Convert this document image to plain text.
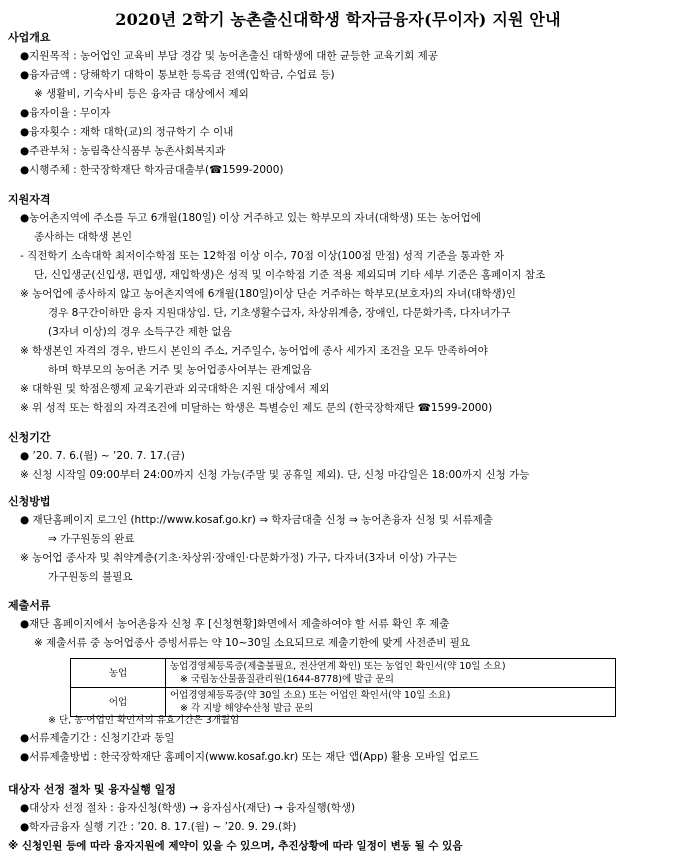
2020년 2학기 농촌출신대학생 학자금융자(무이자) 지원 안내
사업개요
●지원목적 : 농어업인 교육비 부담 경감 및 농어촌출신 대학생에 대한 균등한 교육기회 제공
●융자금액 : 당해학기 대학이 통보한 등록금 전액(입학금, 수업료 등)
※ 생활비, 기숙사비 등은 융자금 대상에서 제외
●융자이율 : 무이자
●융자횟수 : 재학 대학(교)의 정규학기 수 이내
●주관부처 : 농림축산식품부 농촌사회복지과
●시행주체 : 한국장학재단 학자금대출부(☎1599-2000)
지원자격
●농어촌지역에 주소를 두고 6개월(180일) 이상 거주하고 있는 학부모의 자녀(대학생) 또는 농어업에
종사하는 대학생 본인
- 직전학기 소속대학 최저이수학점 또는 12학점 이상 이수, 70점 이상(100점 만점) 성적 기준을 통과한 자
단, 신입생군(신입생, 편입생, 재입학생)은 성적 및 이수학점 기준 적용 제외되며 기타 세부 기준은 홈페이지 참조
※ 농어업에 종사하지 않고 농어촌지역에 6개월(180일)이상 단순 거주하는 학부모(보호자)의 자녀(대학생)인
경우 8구간이하만 융자 지원대상임. 단, 기초생활수급자, 차상위계층, 장애인, 다문화가족, 다자녀가구
(3자녀 이상)의 경우 소득구간 제한 없음
※ 학생본인 자격의 경우, 반드시 본인의 주소, 거주일수, 농어업에 종사 세가지 조건을 모두 만족하여야
하며 학부모의 농어촌 거주 및 농어업종사여부는 관계없음
※ 대학원 및 학점은행제 교육기관과 외국대학은 지원 대상에서 제외
※ 위 성적 또는 학점의 자격조건에 미달하는 학생은 특별승인 제도 문의 (한국장학재단 ☎1599-2000)
신청기간
● ’20. 7. 6.(월) ~ ’20. 7. 17.(금)
※ 신청 시작일 09:00부터 24:00까지 신청 가능(주말 및 공휴일 제외). 단, 신청 마감일은 18:00까지 신청 가능
신청방법
● 재단홈페이지 로그인 (http://www.kosaf.go.kr) ⇒ 학자금대출 신청 ⇒ 농어촌융자 신청 및 서류제출
⇒ 가구원동의 완료
※ 농어업 종사자 및 취약계층(기초·차상위·장애인·다문화가정) 가구, 다자녀(3자녀 이상) 가구는
가구원동의 불필요
제출서류
●재단 홈페이지에서 농어촌융자 신청 후 [신청현황]화면에서 제출하여야 할 서류 확인 후 제출
※ 제출서류 중 농어업종사 증빙서류는 약 10~30일 소요되므로 제출기한에 맞게 사전준비 필요
농업	농업경영체등록증(제출불필요, 전산연계 확인) 또는 농업인 확인서(약 10일 소요)
※ 국립농산물품질관리원(1644-8778)에 발급 문의

어업	어업경영체등록증(약 30일 소요) 또는 어업인 확인서(약 10일 소요)
※ 각 지방 해양수산청 발급 문의
※ 단, 농·어업인 확인서의 유효기간은 3개월임
●서류제출기간 : 신청기간과 동일
●서류제출방법 : 한국장학재단 홈페이지(www.kosaf.go.kr) 또는 재단 앱(App) 활용 모바일 업로드
대상자 선정 절차 및 융자실행 일정
●대상자 선정 절차 : 융자신청(학생) → 융자심사(재단) → 융자실행(학생)
●학자금융자 실행 기간 : ’20. 8. 17.(월) ~ ’20. 9. 29.(화)
※ 신청인원 등에 따라 융자지원에 제약이 있을 수 있으며, 추진상황에 따라 일정이 변동 될 수 있음
